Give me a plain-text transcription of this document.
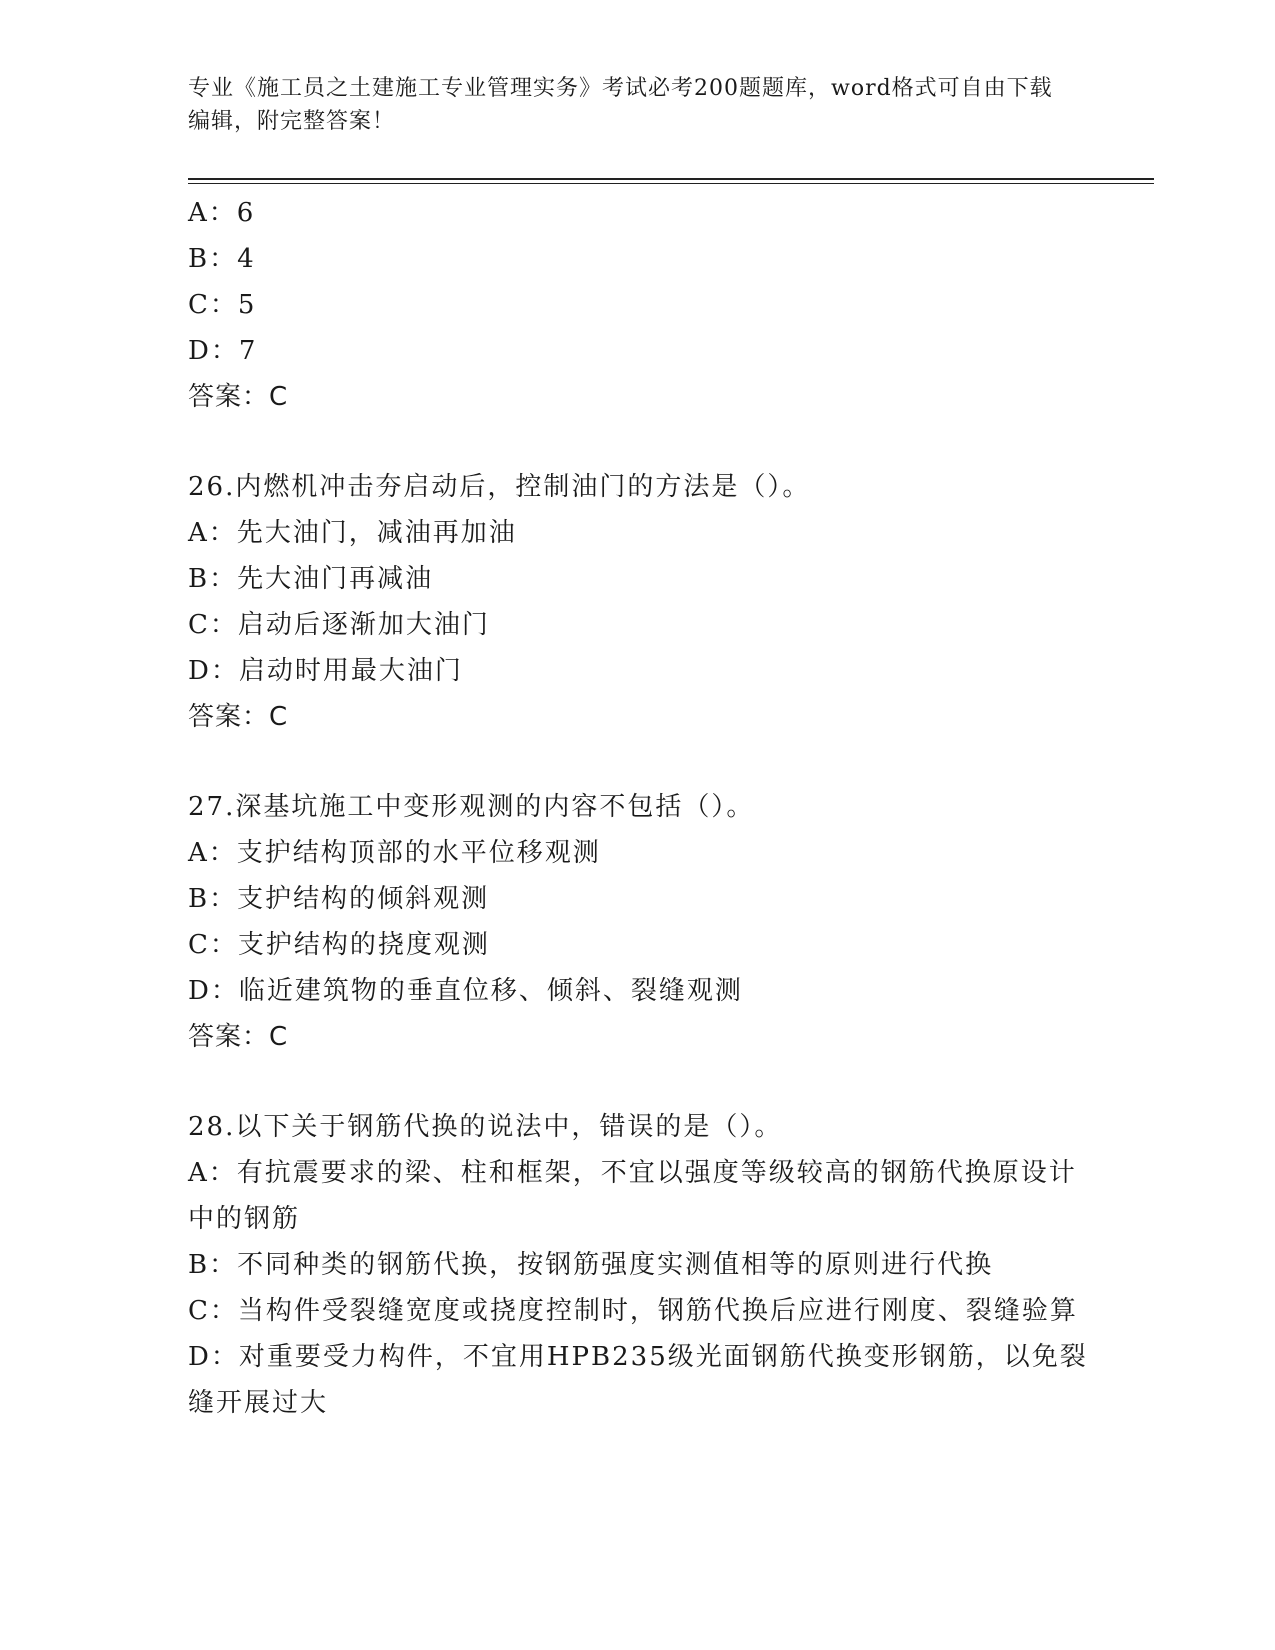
专业《施工员之土建施工专业管理实务》考试必考200题题库，word格式可自由下载编辑，附完整答案！
A：6
B：4
C：5
D：7
答案：C
26.内燃机冲击夯启动后，控制油门的方法是（）。
A：先大油门，减油再加油
B：先大油门再减油
C：启动后逐渐加大油门
D：启动时用最大油门
答案：C
27.深基坑施工中变形观测的内容不包括（）。
A：支护结构顶部的水平位移观测
B：支护结构的倾斜观测
C：支护结构的挠度观测
D：临近建筑物的垂直位移、倾斜、裂缝观测
答案：C
28.以下关于钢筋代换的说法中，错误的是（）。
A：有抗震要求的梁、柱和框架，不宜以强度等级较高的钢筋代换原设计中的钢筋
B：不同种类的钢筋代换，按钢筋强度实测值相等的原则进行代换
C：当构件受裂缝宽度或挠度控制时，钢筋代换后应进行刚度、裂缝验算
D：对重要受力构件，不宜用HPB235级光面钢筋代换变形钢筋，以免裂缝开展过大
